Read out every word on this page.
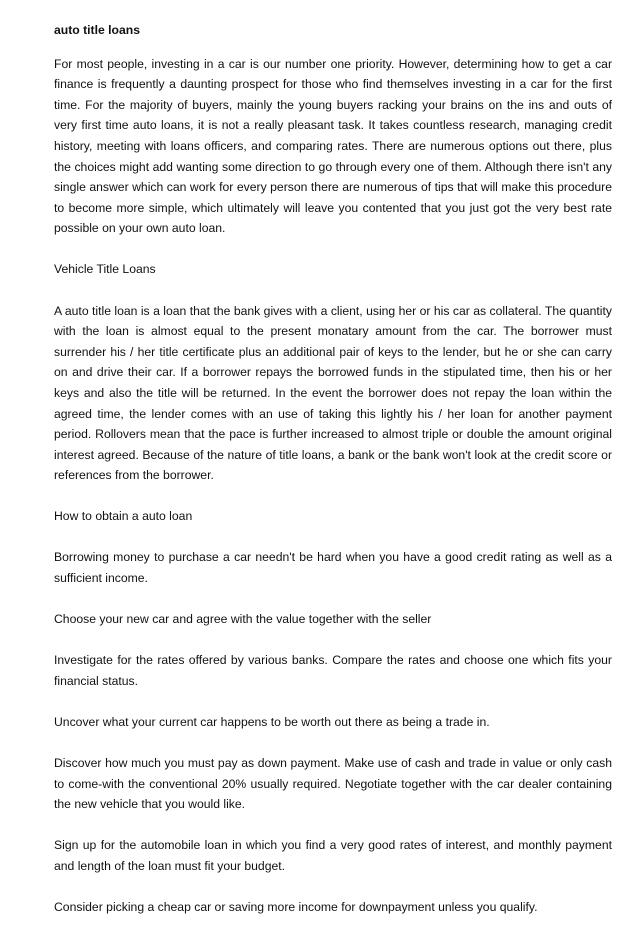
auto title loans

For most people, investing in a car is our number one priority. However, determining how to get a car finance is frequently a daunting prospect for those who find themselves investing in a car for the first time. For the majority of buyers, mainly the young buyers racking your brains on the ins and outs of very first time auto loans, it is not a really pleasant task. It takes countless research, managing credit history, meeting with loans officers, and comparing rates. There are numerous options out there, plus the choices might add wanting some direction to go through every one of them. Although there isn't any single answer which can work for every person there are numerous of tips that will make this procedure to become more simple, which ultimately will leave you contented that you just got the very best rate possible on your own auto loan.

Vehicle Title Loans

A auto title loan is a loan that the bank gives with a client, using her or his car as collateral. The quantity with the loan is almost equal to the present monatary amount from the car. The borrower must surrender his / her title certificate plus an additional pair of keys to the lender, but he or she can carry on and drive their car. If a borrower repays the borrowed funds in the stipulated time, then his or her keys and also the title will be returned. In the event the borrower does not repay the loan within the agreed time, the lender comes with an use of taking this lightly his / her loan for another payment period. Rollovers mean that the pace is further increased to almost triple or double the amount original interest agreed. Because of the nature of title loans, a bank or the bank won't look at the credit score or references from the borrower.

How to obtain a auto loan

Borrowing money to purchase a car needn't be hard when you have a good credit rating as well as a sufficient income.

Choose your new car and agree with the value together with the seller

Investigate for the rates offered by various banks. Compare the rates and choose one which fits your financial status.

Uncover what your current car happens to be worth out there as being a trade in.

Discover how much you must pay as down payment. Make use of cash and trade in value or only cash to come-with the conventional 20% usually required. Negotiate together with the car dealer containing the new vehicle that you would like.

Sign up for the automobile loan in which you find a very good rates of interest, and monthly payment and length of the loan must fit your budget.

Consider picking a cheap car or saving more income for downpayment unless you qualify.
